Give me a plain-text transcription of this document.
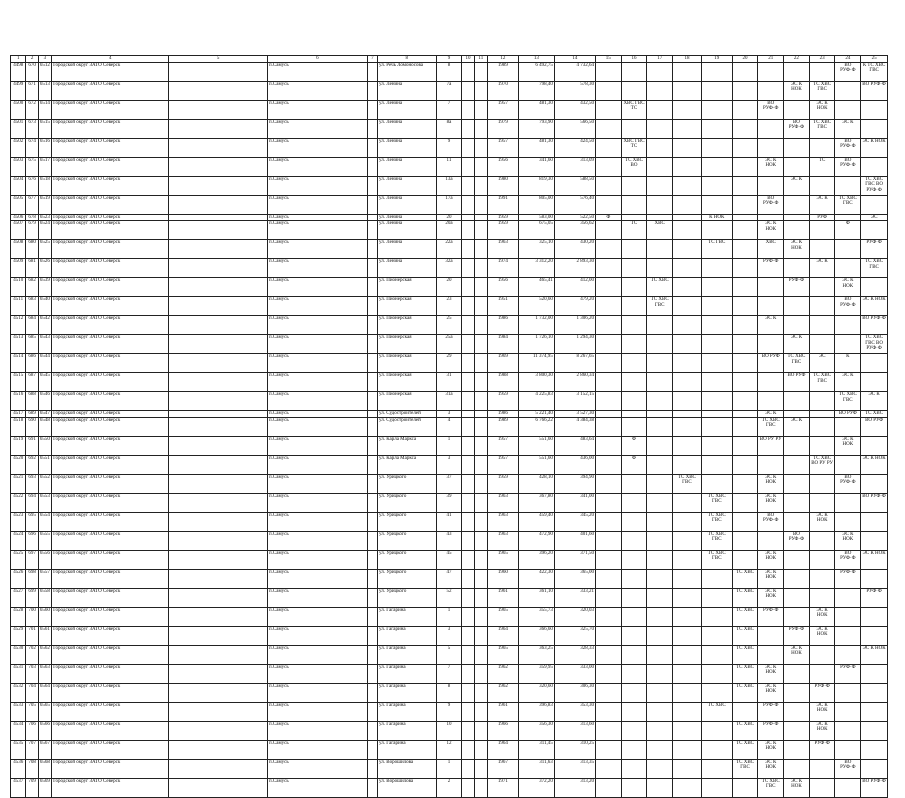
1	2	3	4	5	6	7	8	9	10	11	12	13	14	15	16	17	18	19	20	21	22	23	24	25
4498	670	6512	Городской округ ЗАТО Северск		п.Самусь		ул. Речь Ломоносова	8			1989	6 492,75	4 732,64										ВО РУФ·Ф	К ТС ХВС ГВС
4499	671	6513	Городской округ ЗАТО Северск		п.Самусь		ул. Ленина	7а			1970	798,40	578,30								ЭС К НОК	ТС ХВС ГВС		ВО РУФ·Ф
4500	672	6514	Городской округ ЗАТО Северск		п.Самусь		ул. Ленина	7			1957	481,30	432,50		ХВС ГВС ТС					ВО РУФ·Ф		ЭС К НОК		
4501	673	6515	Городской округ ЗАТО Северск		п.Самусь		ул. Ленина	8а			1979	793,90	566,50								ВО РУФ·Ф	ТС ХВС ГВС	ЭС К	
4502	674	6516	Городской округ ЗАТО Северск		п.Самусь		ул. Ленина	9			1957	481,30	424,50		ХВС ГВС ТС								ВО РУФ·Ф	ЭС К НОК
4503	675	6517	Городской округ ЗАТО Северск		п.Самусь		ул. Ленина	11			1956	341,60	313,09		ТС ХВС ВО					ЭС К НОК		ТС	ВО РУФ·Ф	
4504	676	6518	Городской округ ЗАТО Северск		п.Самусь		ул. Ленина	13а			1980	819,30	588,50								ЭС К			ТС ХВС ГВС ВО РУФ·Ф
4505	677	6519	Городской округ ЗАТО Северск		п.Самусь		ул. Ленина	17а			1991	805,00	576,40							ВО РУФ·Ф		ЭС К	ТС ХВС ГВС	
4506	678	6523	Городской округ ЗАТО Северск		п.Самусь		ул. Ленина	20			1959	583,00	522,50	Ф				К НОК				РУФ		ЭС
4507	679	6524	Городской округ ЗАТО Северск		п.Самусь		ул. Ленина	20а			1959	675,05	356,62		ТС	ХВС				ЭС К НОК			Ф	
4508	680	6525	Городской округ ЗАТО Северск		п.Самусь		ул. Ленина	22а			1963	325,10	430,20					ТС ГВС		ХВС	ЭС К НОК			РУФ·Ф
4509	681	6526	Городской округ ЗАТО Северск		п.Самусь		ул. Ленина	32а			1974	3 312,20	2 893,30							РУФ·Ф		ЭС К		ТС ХВС ГВС
4510	682	6539	Городской округ ЗАТО Северск		п.Самусь		ул. Пионерская	20			1956	465,41	412,00			ТС ХВС					РУФ·Ф		ЭС К НОК	
4511	683	6540	Городской округ ЗАТО Северск		п.Самусь		ул. Пионерская	23			1951	520,60	479,20			ТС ХВС ГВС							ВО РУФ·Ф	ЭС К НОК
4512	684	6542	Городской округ ЗАТО Северск		п.Самусь		ул. Пионерская	25			1986	1 732,00	1 306,20							ЭС К				ВО РУФ·Ф
4513	685	6543	Городской округ ЗАТО Северск		п.Самусь		ул. Пионерская	25а			1984	1 726,10	1 294,30								ЭС К			ТС ХВС ГВС ВО РУФ·Ф
4514	686	6544	Городской округ ЗАТО Северск		п.Самусь		ул. Пионерская	29			1969	11 374,95	8 267,65							ВО РУФ	ТС ХВС ГВС	ЭС	К	
4515	687	6545	Городской округ ЗАТО Северск		п.Самусь		ул. Пионерская	31			1988	3 800,30	2 860,34								ВО РУФ	ТС ХВС ГВС	ЭС К	
4516	688	6546	Городской округ ЗАТО Северск		п.Самусь		ул. Пионерская	31а			1959	4 225,83	3 152,15										ТС ХВС ГВС	ЭС К
4517	689	6547	Городской округ ЗАТО Северск		п.Самусь		ул. Судостроителей	3			1986	5 221,40	3 527,30							ЭС К			ВО РУФ	ТС ХВС
4518	690	6548	Городской округ ЗАТО Северск		п.Самусь		ул. Судостроителей	4			1989	6 766,22	4 384,38							ТС ХВС ГВС	ЭС К			ВО РУФ
4519	691	6550	Городской округ ЗАТО Северск		п.Самусь		ул. Карла Маркса	1			1957	551,60	483,64		Ф					ВО РУ РУ			ЭС К НОК	
4520	692	6551	Городской округ ЗАТО Северск		п.Самусь		ул. Карла Маркса	3			1957	551,60	436,00		Ф							ТС ХВС ВО РУ РУ		ЭС К НОК
4521	693	6552	Городской округ ЗАТО Северск		п.Самусь		ул. Урицкого	37			1959	428,10	394,90				ТС ХВС ГВС			ЭС К НОК			ВО РУФ·Ф	
4522	694	6553	Городской округ ЗАТО Северск		п.Самусь		ул. Урицкого	39			1963	367,80	341,00					ТС ХВС ГВС		ЭС К НОК				ВО РУФ·Ф
4523	695	6554	Городской округ ЗАТО Северск		п.Самусь		ул. Урицкого	41			1963	459,40	345,20					ТС ХВС ГВС		ВО РУФ·Ф		ЭС К НОК		
4524	696	6555	Городской округ ЗАТО Северск		п.Самусь		ул. Урицкого	43			1963	472,90	401,60					ТС ХВС ГВС			ВО РУФ·Ф		ЭС К НОК	
4525	697	6556	Городской округ ЗАТО Северск		п.Самусь		ул. Урицкого	45			1965	396,20	371,50					ТС ХВС ГВС		ЭС К НОК			ВО РУФ·Ф	ЭС К НОК
4526	698	6557	Городской округ ЗАТО Северск		п.Самусь		ул. Урицкого	47			1960	422,30	365,00						ТС ХВС	ЭС К НОК			РУФ·Ф	
4527	699	6558	Городской округ ЗАТО Северск		п.Самусь		ул. Урицкого	52			1961	361,10	333,21						ТС ХВС	ЭС К НОК				РУФ·Ф
4528	700	6560	Городской округ ЗАТО Северск		п.Самусь		ул. Гагарина	1			1965	355,73	320,03						ТС ХВС	РУФ·Ф		ЭС К НОК		
4529	701	6561	Городской округ ЗАТО Северск		п.Самусь		ул. Гагарина	3			1964	366,60	325,70						ТС ХВС		РУФ·Ф	ЭС К НОК		
4530	702	6562	Городской округ ЗАТО Северск		п.Самусь		ул. Гагарина	5			1965	363,25	328,33						ТС ХВС		ЭС К НОК			ЭС К НОК
4531	703	6563	Городской округ ЗАТО Северск		п.Самусь		ул. Гагарина	7			1962	359,95	333,00						ТС ХВС	ЭС К НОК			РУФ·Ф	
4532	704	6564	Городской округ ЗАТО Северск		п.Самусь		ул. Гагарина	8			1962	320,60	306,30						ТС ХВС	ЭС К НОК		РУФ·Ф		
4533	705	6565	Городской округ ЗАТО Северск		п.Самусь		ул. Гагарина	9			1961	396,83	353,30					ТС ХВС		РУФ·Ф		ЭС К НОК		
4534	706	6566	Городской округ ЗАТО Северск		п.Самусь		ул. Гагарина	10			1966	356,30	313,60						ТС ХВС	РУФ·Ф		ЭС К НОК		
4535	707	6567	Городской округ ЗАТО Северск		п.Самусь		ул. Гагарина	12			1964	311,45	310,25						ТС ХВС	ЭС К НОК		РУФ·Ф		
4536	708	6568	Городской округ ЗАТО Северск		п.Самусь		ул. Ворошилова	1			1967	311,63	313,35						ТС ХВС ГВС	ЭС К НОК			ВО РУФ·Ф	
4537	709	6569	Городской округ ЗАТО Северск		п.Самусь		ул. Ворошилова	2			1971	372,20	313,20							ТС ХВС ГВС	ЭС К НОК			ВО РУФ·Ф
